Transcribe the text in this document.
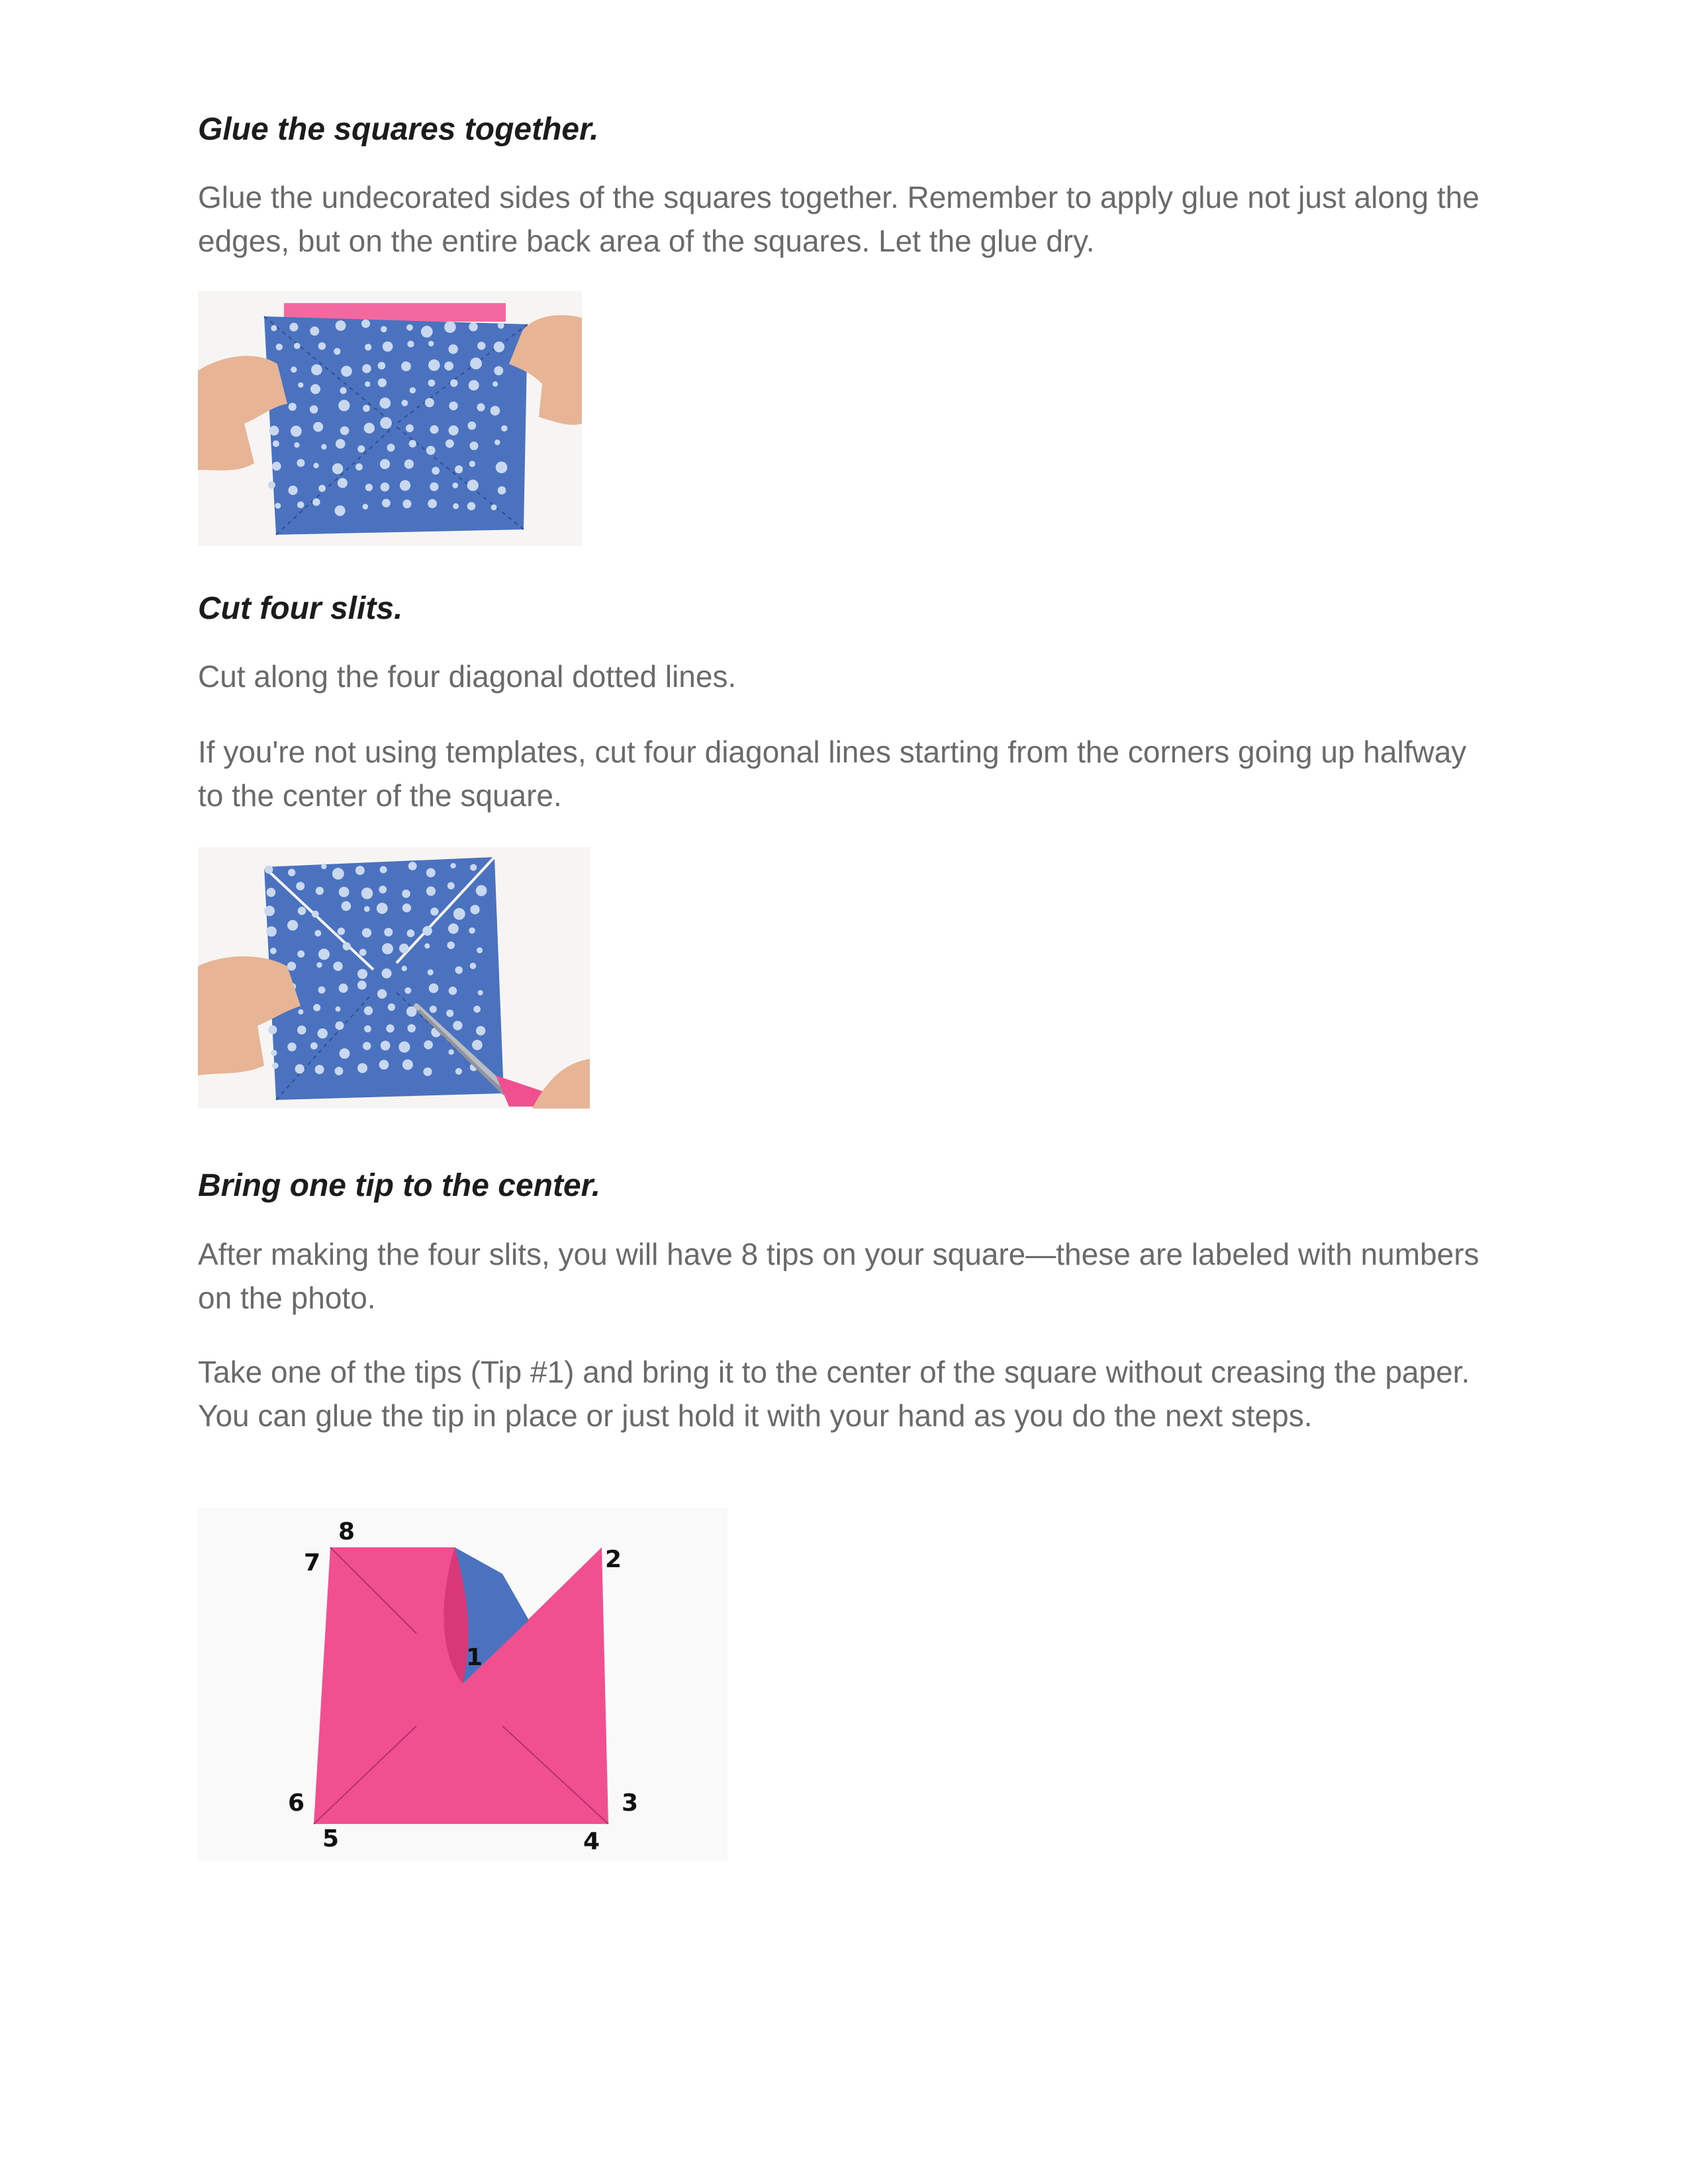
Glue the squares together.

Glue the undecorated sides of the squares together. Remember to apply glue not just along the edges, but on the entire back area of the squares. Let the glue dry.

Cut four slits.

Cut along the four diagonal dotted lines.

If you're not using templates, cut four diagonal lines starting from the corners going up halfway to the center of the square.

Bring one tip to the center.

After making the four slits, you will have 8 tips on your square—these are labeled with numbers on the photo.

Take one of the tips (Tip #1) and bring it to the center of the square without creasing the paper. You can glue the tip in place or just hold it with your hand as you do the next steps.

1
2
3
4
5
6
7
8
